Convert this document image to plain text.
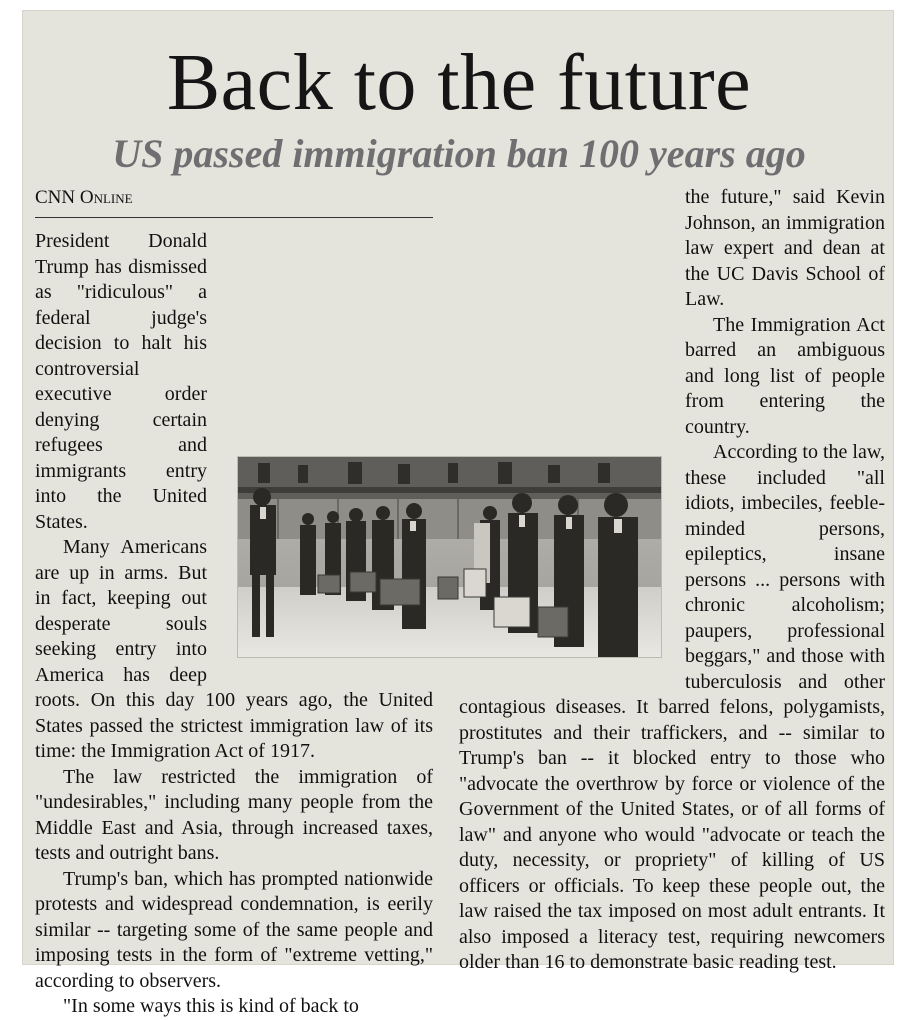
Back to the future
US passed immigration ban 100 years ago
CNN Online

President Donald Trump has dismissed as "ridiculous" a federal judge's decision to halt his controversial executive order denying certain refugees and immigrants entry into the United States.

Many Americans are up in arms. But in fact, keeping out desperate souls seeking entry into America has deep roots. On this day 100 years ago, the United States passed the strictest immigration law of its time: the Immigration Act of 1917.

The law restricted the immigration of "undesirables," including many people from the Middle East and Asia, through increased taxes, tests and outright bans.

Trump's ban, which has prompted nationwide protests and widespread condemnation, is eerily similar -- targeting some of the same people and imposing tests in the form of "extreme vetting," according to observers.

"In some ways this is kind of back to

the future," said Kevin Johnson, an immigration law expert and dean at the UC Davis School of Law.

The Immigration Act barred an ambiguous and long list of people from entering the country.

According to the law, these included "all idiots, imbeciles, feeble-minded persons, epileptics, insane persons ... persons with chronic alcoholism; paupers, professional beggars," and those with tuberculosis and other contagious diseases. It barred felons, polygamists, prostitutes and their traffickers, and -- similar to Trump's ban -- it blocked entry to those who "advocate the overthrow by force or violence of the Government of the United States, or of all forms of law" and anyone who would "advocate or teach the duty, necessity, or propriety" of killing of US officers or officials. To keep these people out, the law raised the tax imposed on most adult entrants. It also imposed a literacy test, requiring newcomers older than 16 to demonstrate basic reading test.
